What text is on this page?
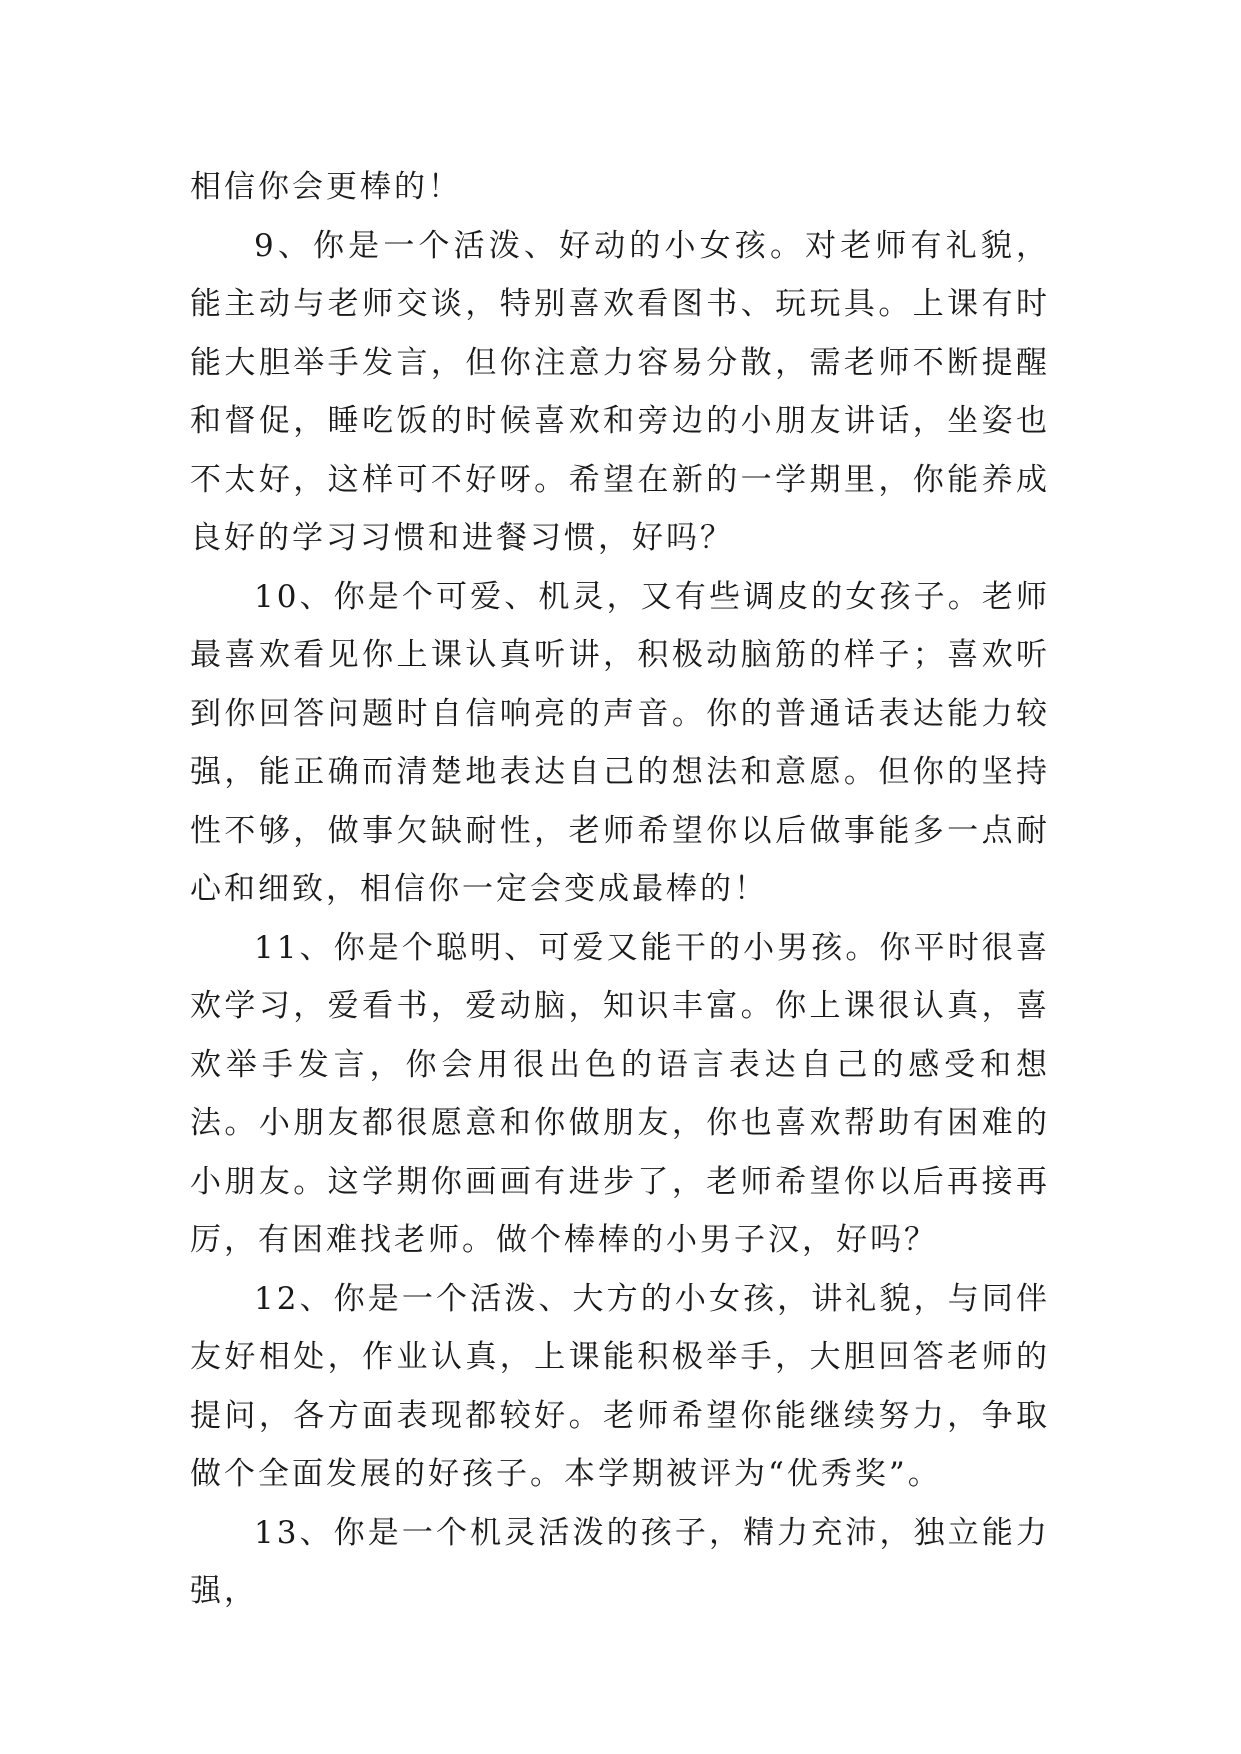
相信你会更棒的！

9、你是一个活泼、好动的小女孩。对老师有礼貌，能主动与老师交谈，特别喜欢看图书、玩玩具。上课有时能大胆举手发言，但你注意力容易分散，需老师不断提醒和督促，睡吃饭的时候喜欢和旁边的小朋友讲话，坐姿也不太好，这样可不好呀。希望在新的一学期里，你能养成良好的学习习惯和进餐习惯，好吗？

10、你是个可爱、机灵，又有些调皮的女孩子。老师最喜欢看见你上课认真听讲，积极动脑筋的样子；喜欢听到你回答问题时自信响亮的声音。你的普通话表达能力较强，能正确而清楚地表达自己的想法和意愿。但你的坚持性不够，做事欠缺耐性，老师希望你以后做事能多一点耐心和细致，相信你一定会变成最棒的！

11、你是个聪明、可爱又能干的小男孩。你平时很喜欢学习，爱看书，爱动脑，知识丰富。你上课很认真，喜欢举手发言，你会用很出色的语言表达自己的感受和想法。小朋友都很愿意和你做朋友，你也喜欢帮助有困难的小朋友。这学期你画画有进步了，老师希望你以后再接再厉，有困难找老师。做个棒棒的小男子汉，好吗？

12、你是一个活泼、大方的小女孩，讲礼貌，与同伴友好相处，作业认真，上课能积极举手，大胆回答老师的提问，各方面表现都较好。老师希望你能继续努力，争取做个全面发展的好孩子。本学期被评为“优秀奖”。

13、你是一个机灵活泼的孩子，精力充沛，独立能力强，
